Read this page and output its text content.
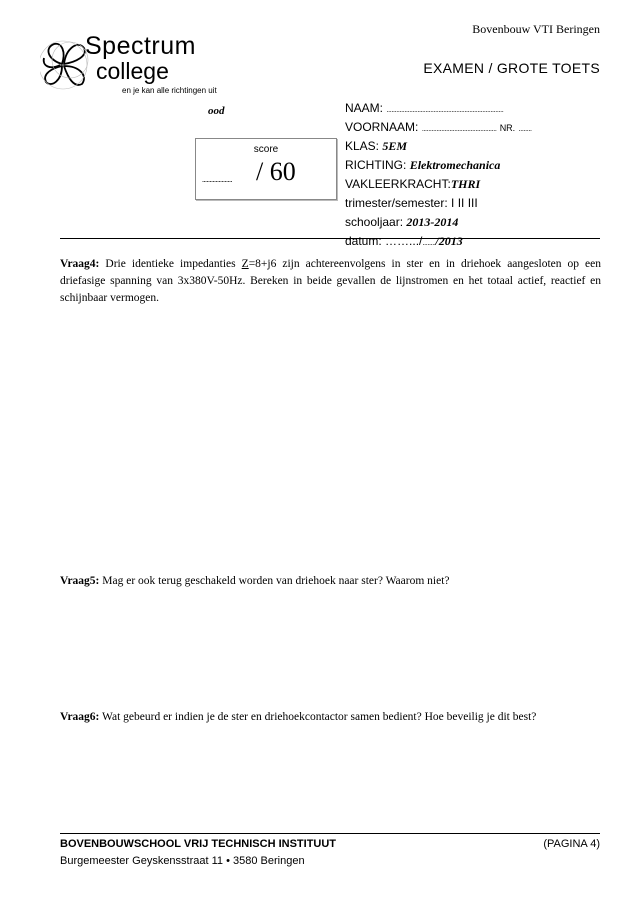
Spectrum
college
en je kan alle richtingen uit
Bovenbouw VTI Beringen
EXAMEN / GROTE TOETS
ood
score
.................... / 60
NAAM: ........................................................................
VOORNAAM: .............................................. NR. ........
KLAS: 5EM
RICHTING: Elektromechanica
VAKLEERKRACHT:THRI
trimester/semester: I II III
schooljaar: 2013-2014
datum: …….../......../2013
Vraag4: Drie identieke impedanties Z=8+j6 zijn achtereenvolgens in ster en in driehoek aangesloten op een driefasige spanning van 3x380V-50Hz. Bereken in beide gevallen de lijnstromen en het totaal actief, reactief en schijnbaar vermogen.
Vraag5: Mag er ook terug geschakeld worden van driehoek naar ster? Waarom niet?
Vraag6: Wat gebeurd er indien je de ster en driehoekcontactor samen bedient? Hoe beveilig je dit best?
BOVENBOUWSCHOOL VRIJ TECHNISCH INSTITUUT	(PAGINA 4)
Burgemeester Geyskensstraat 11 • 3580 Beringen
